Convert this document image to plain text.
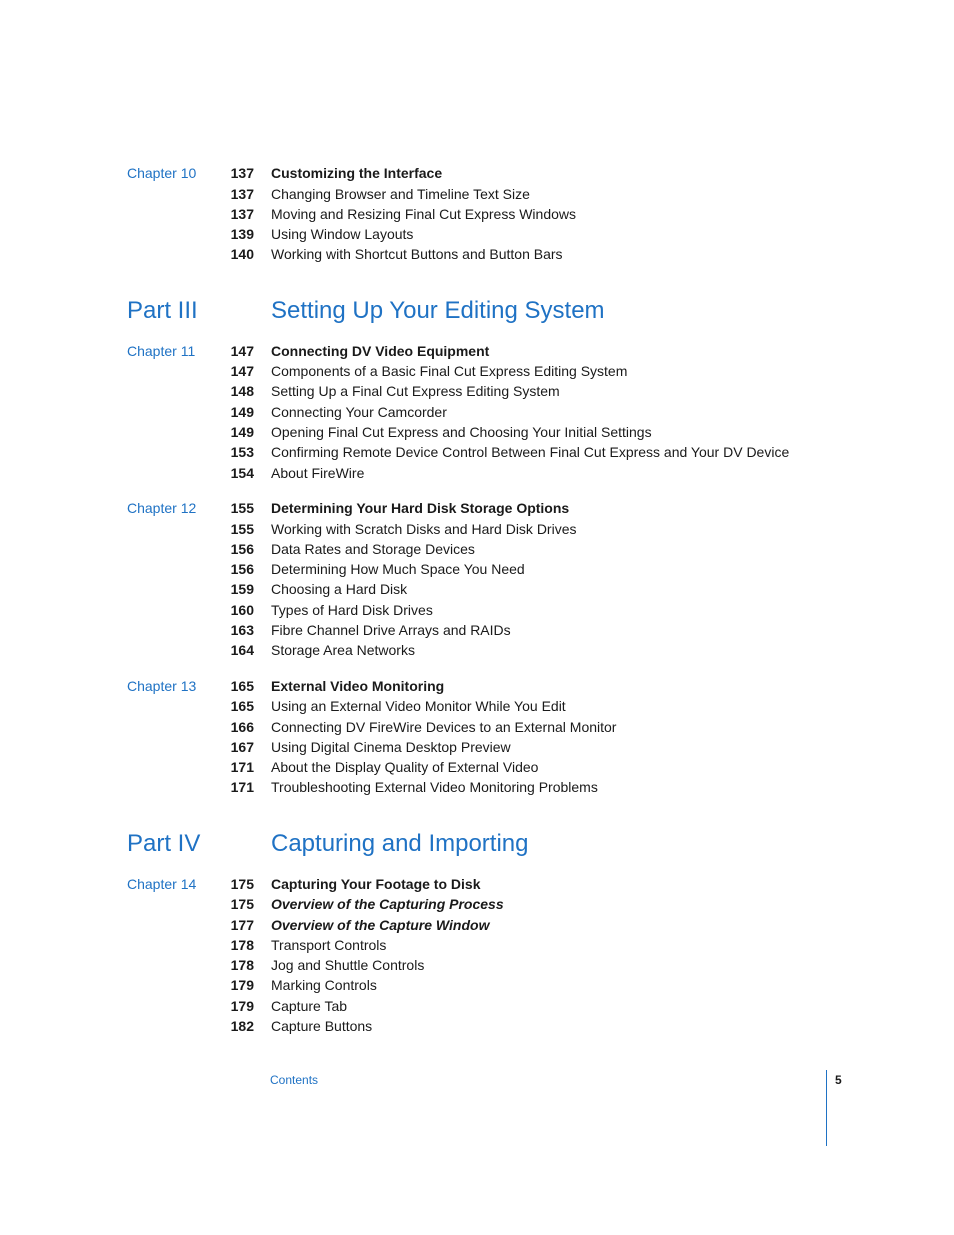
Chapter 10	137 Customizing the Interface
137 Changing Browser and Timeline Text Size
137 Moving and Resizing Final Cut Express Windows
139 Using Window Layouts
140 Working with Shortcut Buttons and Button Bars
Part III	Setting Up Your Editing System
Chapter 11	147 Connecting DV Video Equipment
147 Components of a Basic Final Cut Express Editing System
148 Setting Up a Final Cut Express Editing System
149 Connecting Your Camcorder
149 Opening Final Cut Express and Choosing Your Initial Settings
153 Confirming Remote Device Control Between Final Cut Express and Your DV Device
154 About FireWire
Chapter 12	155 Determining Your Hard Disk Storage Options
155 Working with Scratch Disks and Hard Disk Drives
156 Data Rates and Storage Devices
156 Determining How Much Space You Need
159 Choosing a Hard Disk
160 Types of Hard Disk Drives
163 Fibre Channel Drive Arrays and RAIDs
164 Storage Area Networks
Chapter 13	165 External Video Monitoring
165 Using an External Video Monitor While You Edit
166 Connecting DV FireWire Devices to an External Monitor
167 Using Digital Cinema Desktop Preview
171 About the Display Quality of External Video
171 Troubleshooting External Video Monitoring Problems
Part IV	Capturing and Importing
Chapter 14	175 Capturing Your Footage to Disk
175 Overview of the Capturing Process
177 Overview of the Capture Window
178 Transport Controls
178 Jog and Shuttle Controls
179 Marking Controls
179 Capture Tab
182 Capture Buttons
Contents	5
